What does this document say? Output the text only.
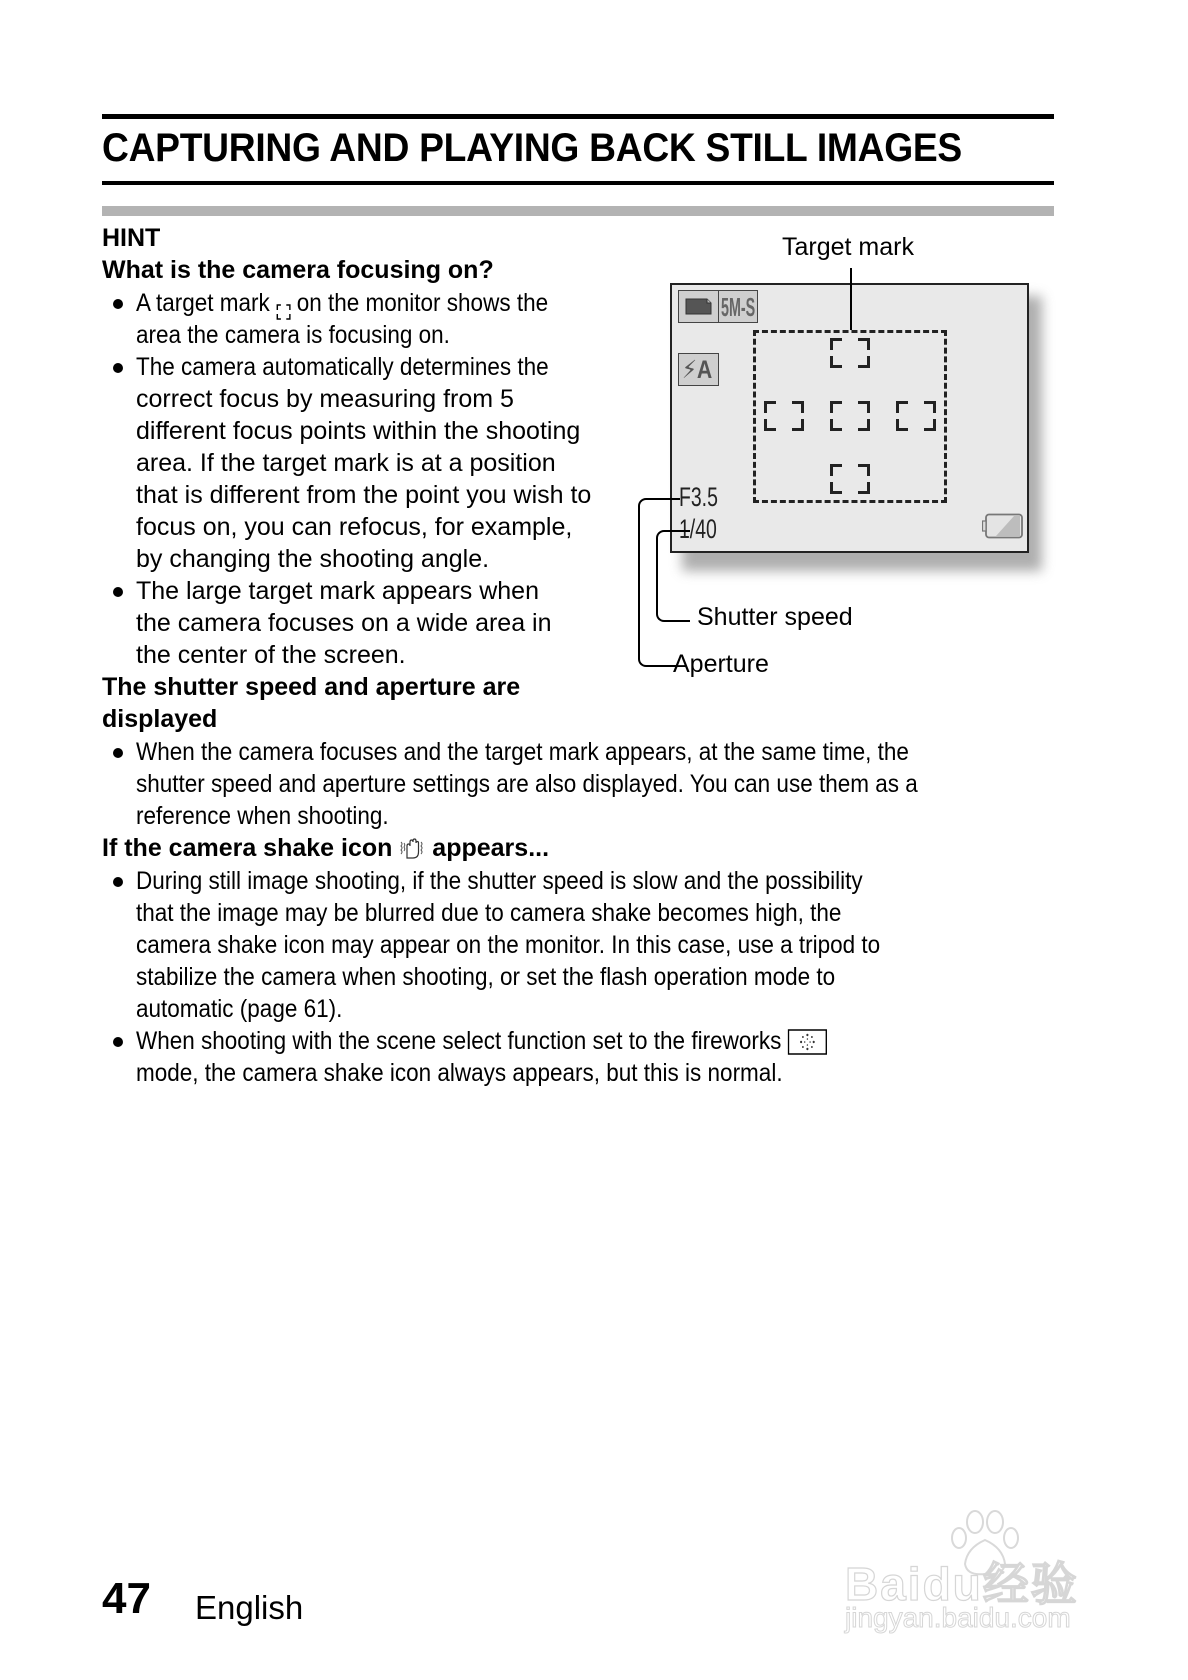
CAPTURING AND PLAYING BACK STILL IMAGES
HINT
What is the camera focusing on?
A target mark  on the monitor shows the
area the camera is focusing on.
The camera automatically determines the
correct focus by measuring from 5
different focus points within the shooting
area. If the target mark is at a position
that is different from the point you wish to
focus on, you can refocus, for example,
by changing the shooting angle.
The large target mark appears when
the camera focuses on a wide area in
the center of the screen.
The shutter speed and aperture are
displayed
When the camera focuses and the target mark appears, at the same time, the
shutter speed and aperture settings are also displayed. You can use them as a
reference when shooting.
If the camera shake icon  appears...
During still image shooting, if the shutter speed is slow and the possibility
that the image may be blurred due to camera shake becomes high, the
camera shake icon may appear on the monitor. In this case, use a tripod to
stabilize the camera when shooting, or set the flash operation mode to
automatic (page 61).
When shooting with the scene select function set to the fireworks
mode, the camera shake icon always appears, but this is normal.
Target mark
5M-S
⚡A
F3.5
1/40
Shutter speed
Aperture
47 English	Baidu经验
jingyan.baidu.com
